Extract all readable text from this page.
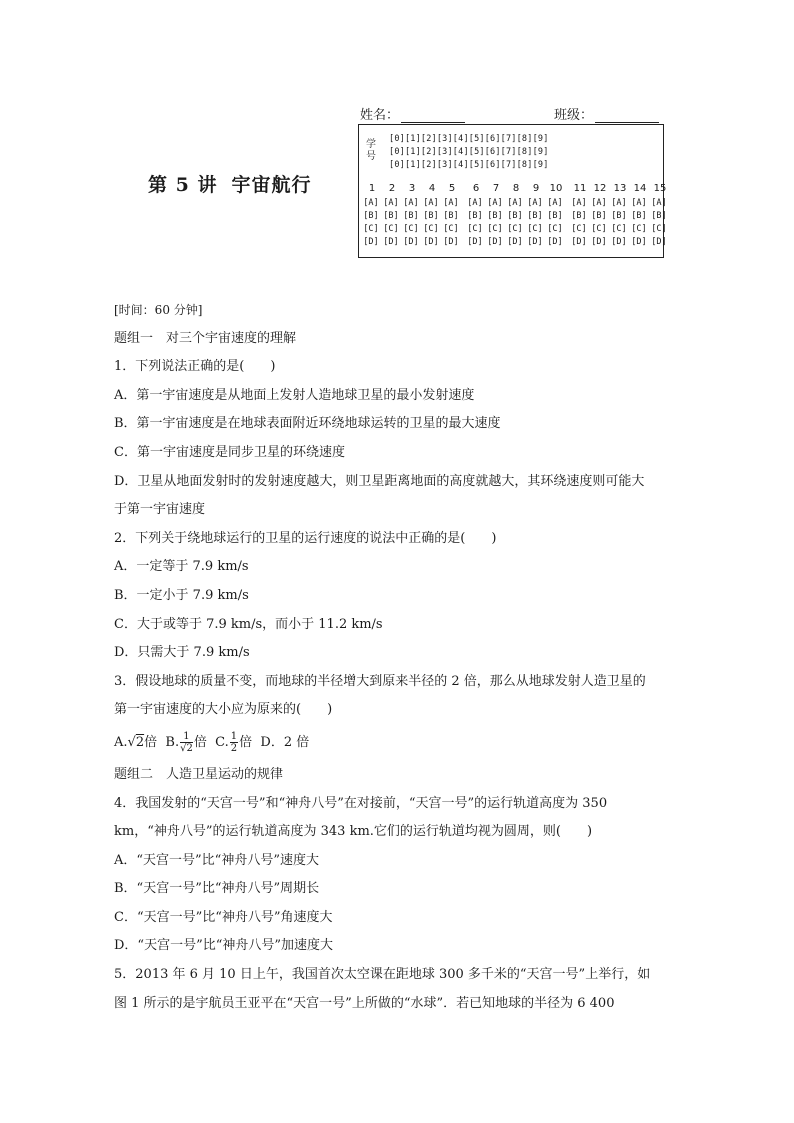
姓名：	班级：
第 5 讲 宇宙航行
学
号
[0][1][2][3][4][5][6][7][8][9]
[0][1][2][3][4][5][6][7][8][9]
[0][1][2][3][4][5][6][7][8][9]
1	2	3	4	5	6	7	8	9	10 11 12 13 14 15
[A] [A] [A] [A] [A] [A] [A] [A] [A] [A] [A] [A] [A] [A] [A]
[B] [B] [B] [B] [B] [B] [B] [B] [B] [B] [B] [B] [B] [B] [B]
[C] [C] [C] [C] [C] [C] [C] [C] [C] [C] [C] [C] [C] [C] [C]
[D] [D] [D] [D] [D] [D] [D] [D] [D] [D] [D] [D] [D] [D] [D]
[时间：60 分钟]
题组一　对三个宇宙速度的理解
1．下列说法正确的是(　　)
A．第一宇宙速度是从地面上发射人造地球卫星的最小发射速度
B．第一宇宙速度是在地球表面附近环绕地球运转的卫星的最大速度
C．第一宇宙速度是同步卫星的环绕速度
D．卫星从地面发射时的发射速度越大，则卫星距离地面的高度就越大，其环绕速度则可能大
于第一宇宙速度
2．下列关于绕地球运行的卫星的运行速度的说法中正确的是(　　)
A．一定等于 7.9 km/s
B．一定小于 7.9 km/s
C．大于或等于 7.9 km/s，而小于 11.2 km/s
D．只需大于 7.9 km/s
3．假设地球的质量不变，而地球的半径增大到原来半径的 2 倍，那么从地球发射人造卫星的
第一宇宙速度的大小应为原来的(　　)
A.√2倍 B. $\frac{1}{√2}$ 倍 C. $\frac{1}{2}$ 倍 D．2 倍
题组二　人造卫星运动的规律
4．我国发射的“天宫一号”和“神舟八号”在对接前，“天宫一号”的运行轨道高度为 350
km，“神舟八号”的运行轨道高度为 343 km.它们的运行轨道均视为圆周，则(　　)
A．“天宫一号”比“神舟八号”速度大
B．“天宫一号”比“神舟八号”周期长
C．“天宫一号”比“神舟八号”角速度大
D．“天宫一号”比“神舟八号”加速度大
5．2013 年 6 月 10 日上午，我国首次太空课在距地球 300 多千米的“天宫一号”上举行，如
图 1 所示的是宇航员王亚平在“天宫一号”上所做的“水球”．若已知地球的半径为 6 400
